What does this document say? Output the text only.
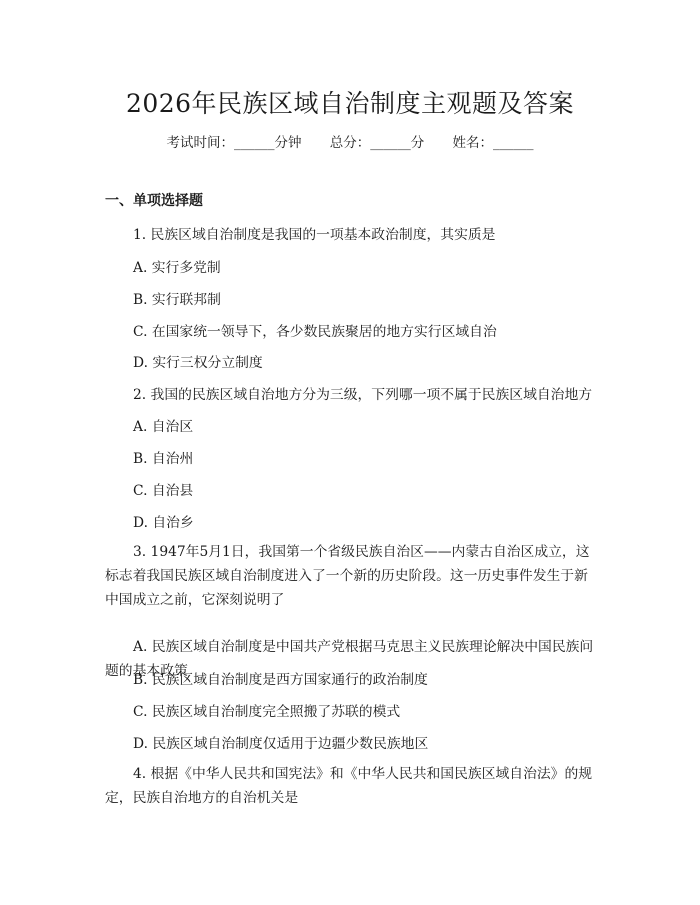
2026年民族区域自治制度主观题及答案
考试时间：______分钟 总分：______分 姓名：______
一、单项选择题
1. 民族区域自治制度是我国的一项基本政治制度，其实质是
A. 实行多党制
B. 实行联邦制
C. 在国家统一领导下，各少数民族聚居的地方实行区域自治
D. 实行三权分立制度
2. 我国的民族区域自治地方分为三级，下列哪一项不属于民族区域自治地方
A. 自治区
B. 自治州
C. 自治县
D. 自治乡
3. 1947年5月1日，我国第一个省级民族自治区——内蒙古自治区成立，这标志着我国民族区域自治制度进入了一个新的历史阶段。这一历史事件发生于新中国成立之前，它深刻说明了
A. 民族区域自治制度是中国共产党根据马克思主义民族理论解决中国民族问题的基本政策
B. 民族区域自治制度是西方国家通行的政治制度
C. 民族区域自治制度完全照搬了苏联的模式
D. 民族区域自治制度仅适用于边疆少数民族地区
4. 根据《中华人民共和国宪法》和《中华人民共和国民族区域自治法》的规定，民族自治地方的自治机关是
